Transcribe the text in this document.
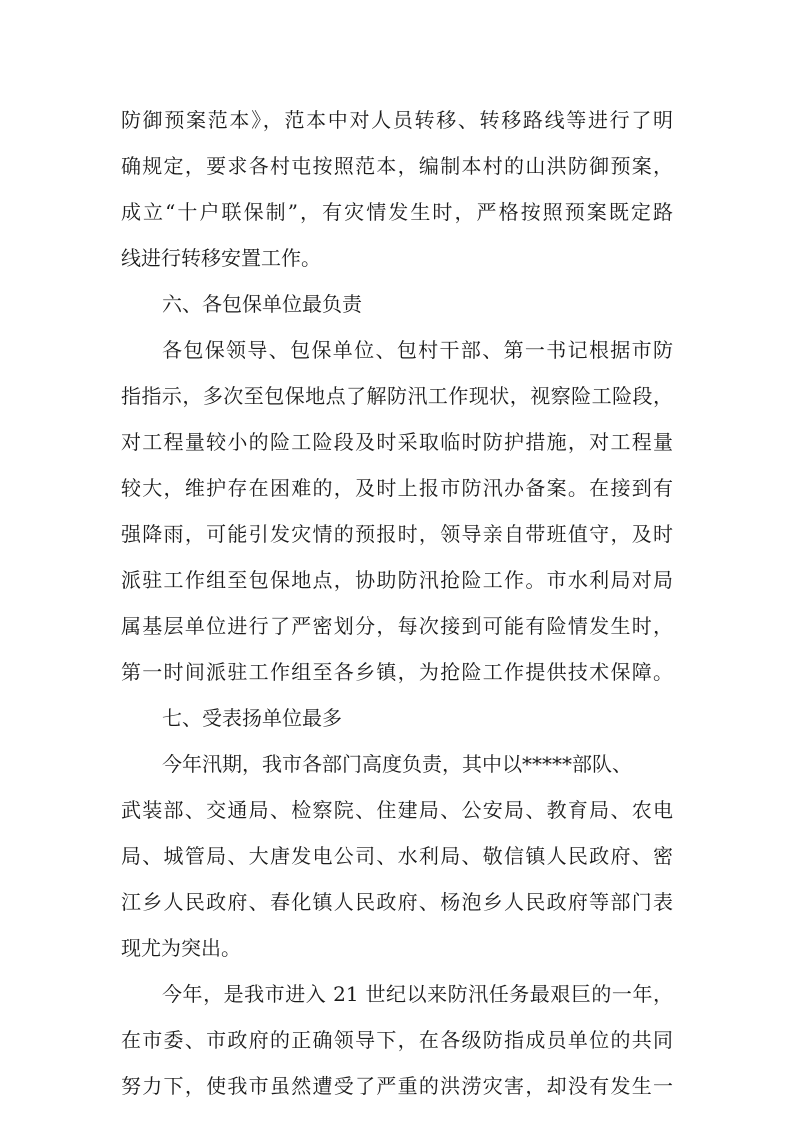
防御预案范本》，范本中对人员转移、转移路线等进行了明
确规定，要求各村屯按照范本，编制本村的山洪防御预案，
成立“十户联保制”，有灾情发生时，严格按照预案既定路
线进行转移安置工作。
六、各包保单位最负责
各包保领导、包保单位、包村干部、第一书记根据市防
指指示，多次至包保地点了解防汛工作现状，视察险工险段，
对工程量较小的险工险段及时采取临时防护措施，对工程量
较大，维护存在困难的，及时上报市防汛办备案。在接到有
强降雨，可能引发灾情的预报时，领导亲自带班值守，及时
派驻工作组至包保地点，协助防汛抢险工作。市水利局对局
属基层单位进行了严密划分，每次接到可能有险情发生时，
第一时间派驻工作组至各乡镇，为抢险工作提供技术保障。
七、受表扬单位最多
今年汛期，我市各部门高度负责，其中以*****部队、
武装部、交通局、检察院、住建局、公安局、教育局、农电
局、城管局、大唐发电公司、水利局、敬信镇人民政府、密
江乡人民政府、春化镇人民政府、杨泡乡人民政府等部门表
现尤为突出。
今年，是我市进入 21 世纪以来防汛任务最艰巨的一年，
在市委、市政府的正确领导下，在各级防指成员单位的共同
努力下，使我市虽然遭受了严重的洪涝灾害，却没有发生一
